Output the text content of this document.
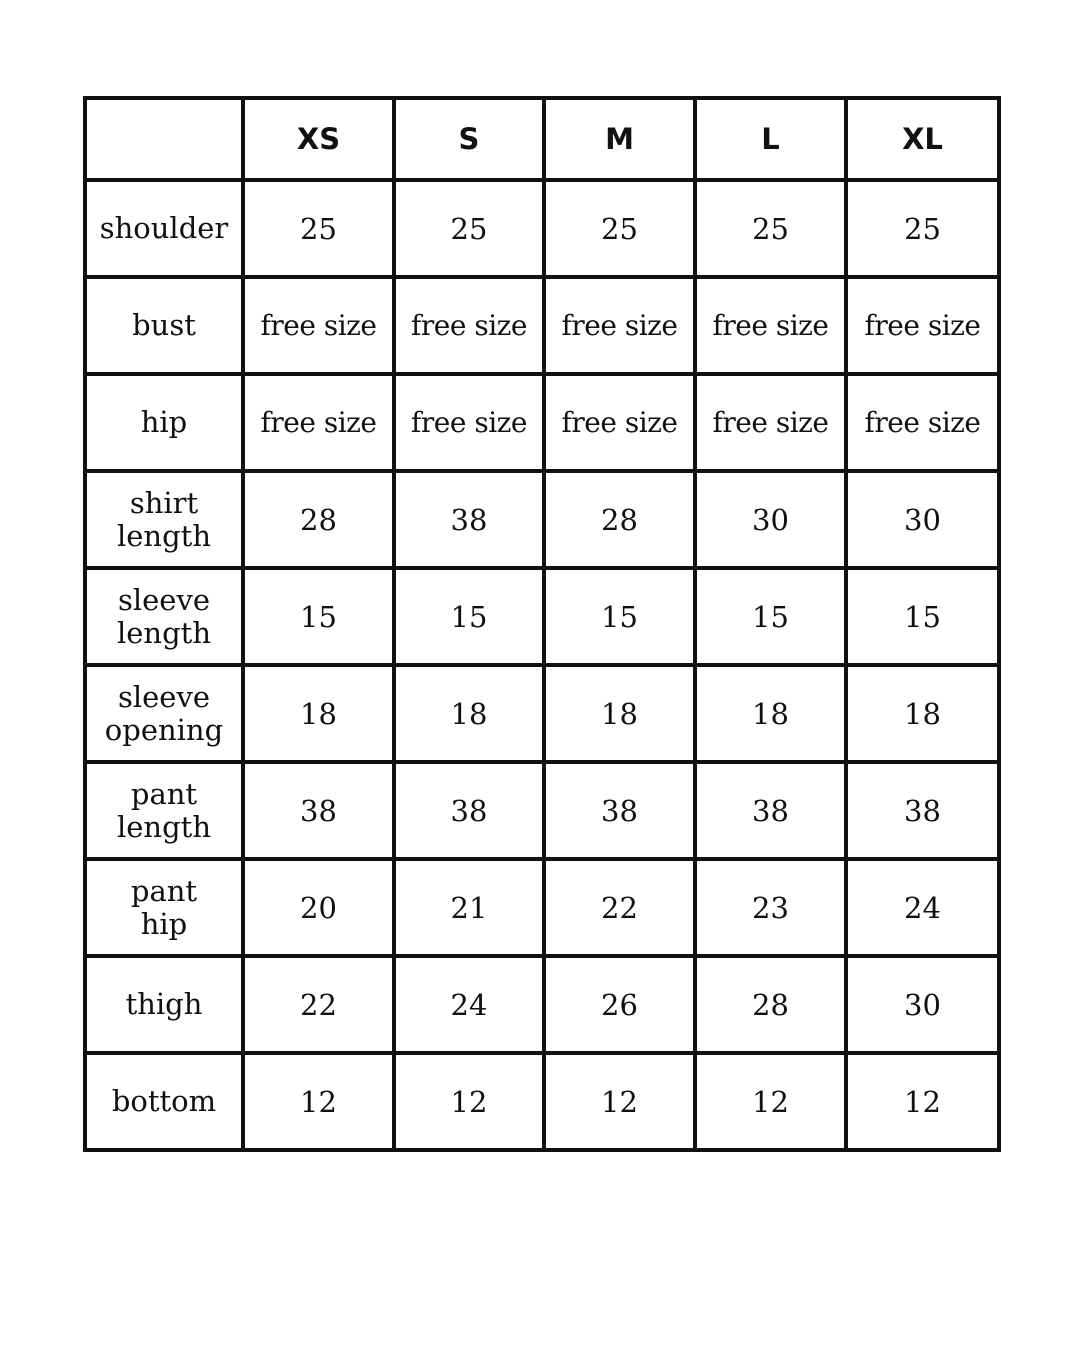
	XS	S	M	L	XL

shoulder	25	25	25	25	25

bust	free size	free size	free size	free size	free size

hip	free size	free size	free size	free size	free size

shirt
length	28	38	28	30	30

sleeve
length	15	15	15	15	15

sleeve
opening	18	18	18	18	18

pant
length	38	38	38	38	38

pant
hip	20	21	22	23	24

thigh	22	24	26	28	30

bottom	12	12	12	12	12
